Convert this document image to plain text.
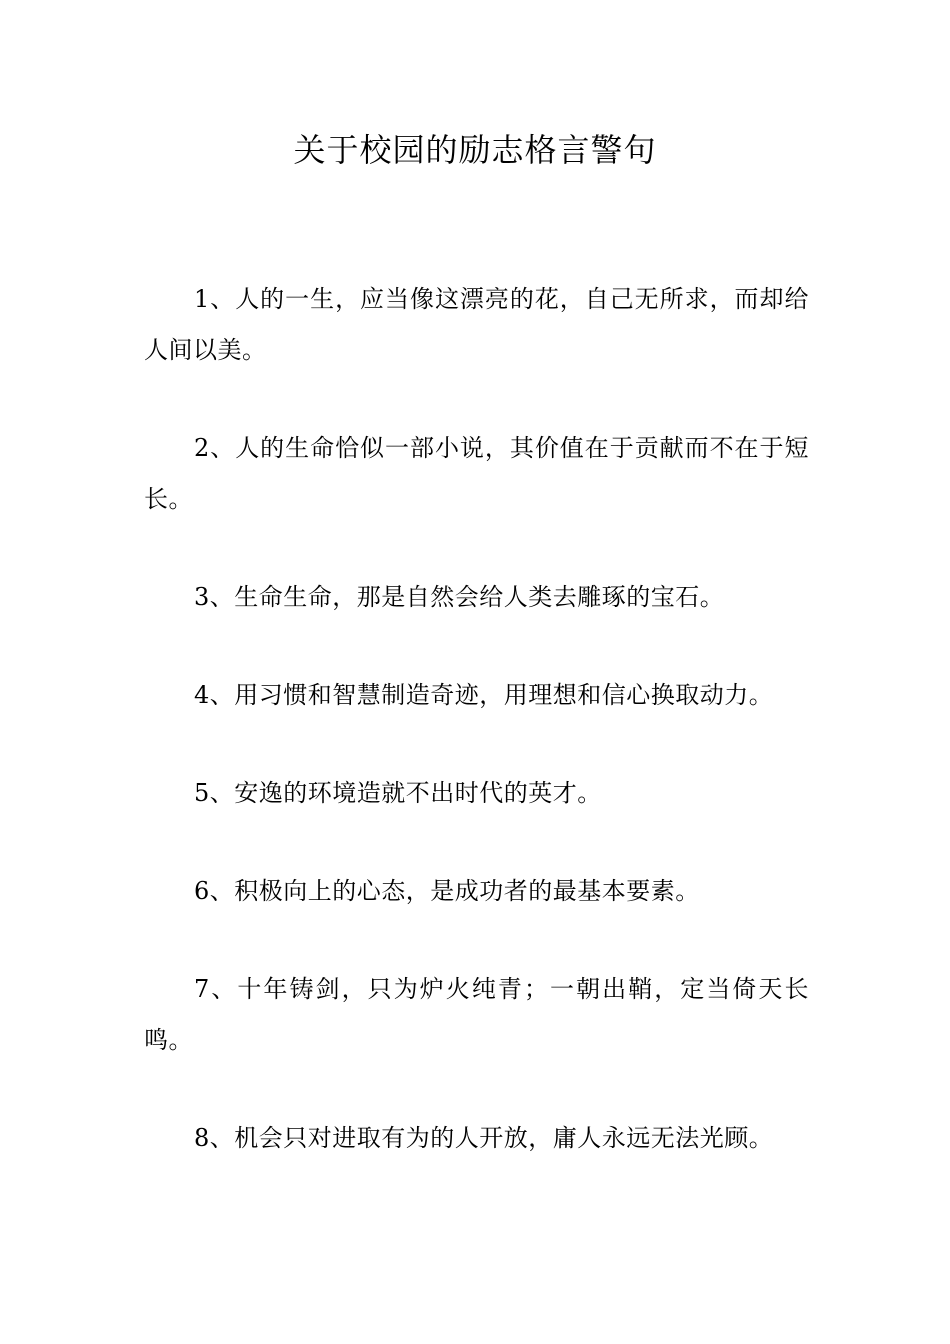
关于校园的励志格言警句

1、人的一生，应当像这漂亮的花，自己无所求，而却给人间以美。

2、人的生命恰似一部小说，其价值在于贡献而不在于短长。

3、生命生命，那是自然会给人类去雕琢的宝石。

4、用习惯和智慧制造奇迹，用理想和信心换取动力。

5、安逸的环境造就不出时代的英才。

6、积极向上的心态，是成功者的最基本要素。

7、十年铸剑，只为炉火纯青；一朝出鞘，定当倚天长鸣。

8、机会只对进取有为的人开放，庸人永远无法光顾。
